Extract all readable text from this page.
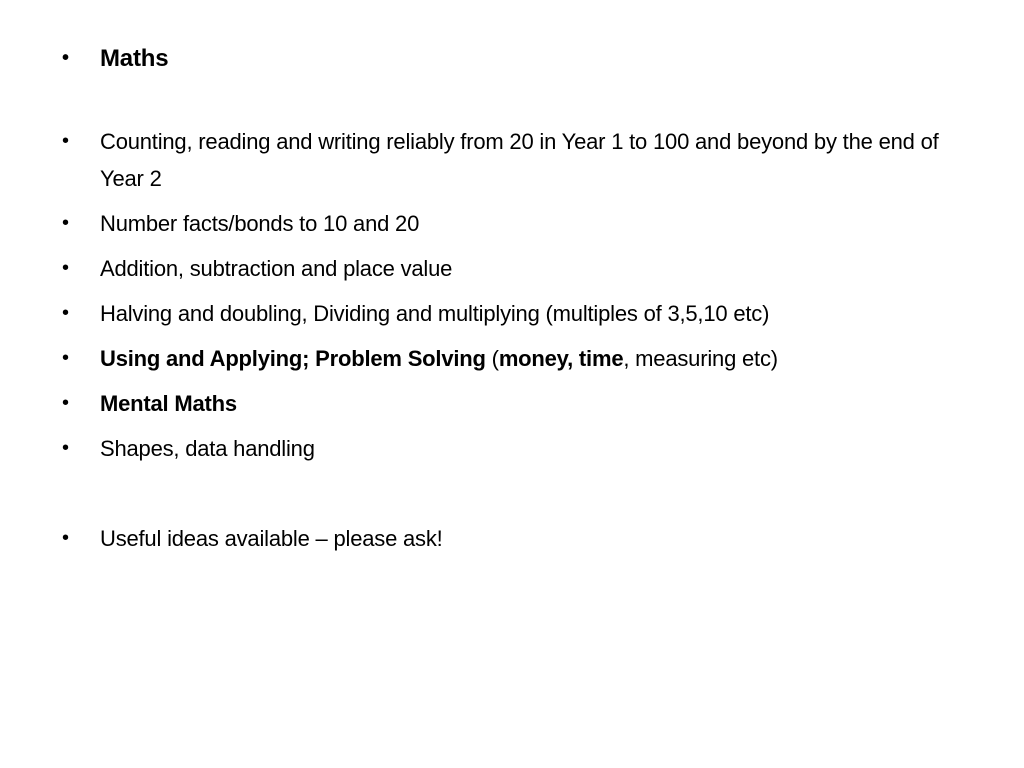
• Maths
• Counting, reading and writing reliably from 20 in Year 1 to 100 and beyond by the end of Year 2
• Number facts/bonds to 10 and 20
• Addition, subtraction and place value
• Halving and doubling, Dividing and multiplying (multiples of 3,5,10 etc)
• Using and Applying; Problem Solving (money, time, measuring etc)
• Mental Maths
• Shapes, data handling
• Useful ideas available – please ask!
